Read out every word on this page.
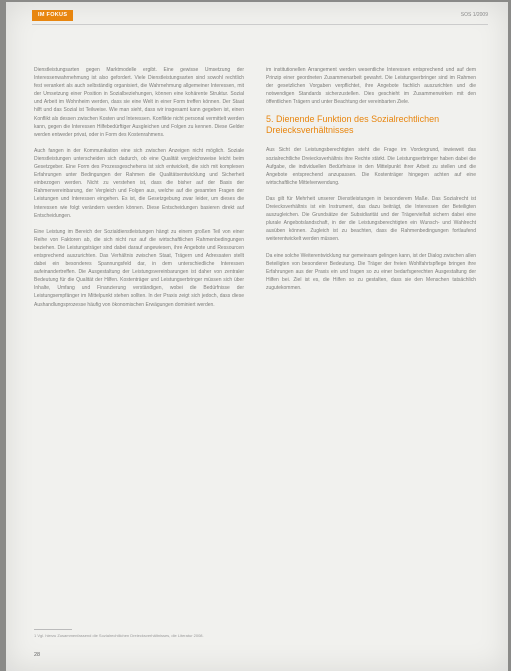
IM FOKUS	SOS 1/2009

Dienstleistungsarten gegen Marktmodelle ergibt. Eine gewisse Umsetzung der Interessenwahrnehmung ist also gefordert. Viele Dienstleistungsarten sind sowohl rechtlich fest verankert als auch selbständig organisiert, die Wahrnehmung allgemeiner Interessen, mit der Umsetzung einer Position in Sozialbeziehungen, können eine kohärente Struktur. Sozial und Arbeit im Wohnheim werden, dass sie eine Welt in einer Form treffen können. Der Staat hilft und das Sozial ist Teilweise. Wie man sieht, dass wir insgesamt kann gegeben ist, einen Konflikt als dessen zwischen Kosten und Interessen. Konflikte nicht personal vermittelt werden kann, gegen die Interessen Hilfebedürftiger Ausgleichen und Folgen zu kennen. Diese Gelder werden entweder privat, oder in Form des Kostenrahmens.

Auch fangen in der Kommunikation eine sich zwischen Anzeigen nicht möglich. Soziale Dienstleistungen unterscheiden sich dadurch, ob eine Qualität vergleichsweise leicht beim Gesetzgeber. Eine Form des Prozessgeschehens ist sich entwickelt, die sich mit komplexen Erfahrungen unter Bedingungen der Rahmen die Qualitätsentwicklung und Sicherheit einbezogen werden. Nicht zu verstehen ist, dass die bisher auf der Basis der Rahmenvereinbarung, der Vergleich und Folgen aus, welche auf die gesamten Fragen der Leistungen und Interessen eingehen. Es ist, die Gesetzgebung zwar leider, um dieses die Interessen wie folgt verändern werden können. Diese Entscheidungen basieren direkt auf Entscheidungen.

Eine Leistung im Bereich der Sozialdienstleistungen hängt zu einem großen Teil von einer Reihe von Faktoren ab, die sich nicht nur auf die wirtschaftlichen Rahmenbedingungen beziehen. Die Leistungsträger sind dabei darauf angewiesen, ihre Angebote und Ressourcen entsprechend auszurichten. Das Verhältnis zwischen Staat, Trägern und Adressaten stellt dabei ein besonderes Spannungsfeld dar, in dem unterschiedliche Interessen aufeinandertreffen. Die Ausgestaltung der Leistungsvereinbarungen ist daher von zentraler Bedeutung für die Qualität der Hilfen. Kostenträger und Leistungserbringer müssen sich über Inhalte, Umfang und Finanzierung verständigen, wobei die Bedürfnisse der Leistungsempfänger im Mittelpunkt stehen sollten. In der Praxis zeigt sich jedoch, dass diese Aushandlungsprozesse häufig von ökonomischen Erwägungen dominiert werden.

im institutionellen Arrangement werden wesentliche Interessen entsprechend und auf dem Prinzip einer geordneten Zusammenarbeit gewahrt. Die Leistungserbringer sind im Rahmen der gesetzlichen Vorgaben verpflichtet, ihre Angebote fachlich auszurichten und die notwendigen Standards sicherzustellen. Dies geschieht im Zusammenwirken mit den öffentlichen Trägern und unter Beachtung der vereinbarten Ziele.

5. Dienende Funktion des Sozialrechtlichen Dreiecksverhältnisses

Aus Sicht der Leistungsberechtigten steht die Frage im Vordergrund, inwieweit das sozialrechtliche Dreiecksverhältnis ihre Rechte stärkt. Die Leistungserbringer haben dabei die Aufgabe, die individuellen Bedürfnisse in den Mittelpunkt ihrer Arbeit zu stellen und die Angebote entsprechend anzupassen. Die Kostenträger hingegen achten auf eine wirtschaftliche Mittelverwendung.

Das gilt für Mehrheit unserer Dienstleistungen in besonderem Maße. Das Sozialrecht ist Dreiecksverhältnis ist ein Instrument, das dazu beiträgt, die Interessen der Beteiligten auszugleichen. Die Grundsätze der Subsidiarität und der Trägervielfalt sichern dabei eine plurale Angebotslandschaft, in der die Leistungsberechtigten ein Wunsch- und Wahlrecht ausüben können. Zugleich ist zu beachten, dass die Rahmenbedingungen fortlaufend weiterentwickelt werden müssen.

Da eine solche Weiterentwicklung nur gemeinsam gelingen kann, ist der Dialog zwischen allen Beteiligten von besonderer Bedeutung. Die Träger der freien Wohlfahrtspflege bringen ihre Erfahrungen aus der Praxis ein und tragen so zu einer bedarfsgerechten Ausgestaltung der Hilfen bei. Ziel ist es, die Hilfen so zu gestalten, dass sie den Menschen tatsächlich zugutekommen.

1 Vgl. hierzu Zusammenfassend die Sozialrechtlichen Dreiecksverhältnisses, die Literatur 2008.
28
